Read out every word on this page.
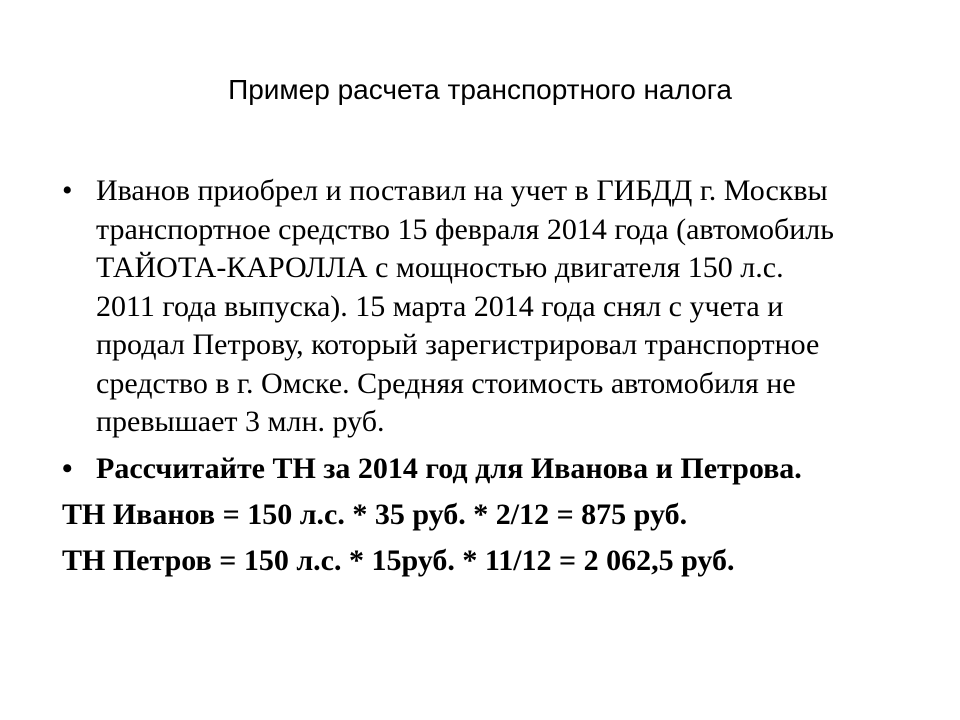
Пример расчета транспортного налога
• Иванов приобрел и поставил на учет в ГИБДД г. Москвы
транспортное средство 15 февраля 2014 года (автомобиль
ТАЙОТА-КАРОЛЛА с мощностью двигателя 150 л.с.
2011 года выпуска). 15 марта 2014 года снял с учета и
продал Петрову, который зарегистрировал транспортное
средство в г. Омске. Средняя стоимость автомобиля не
превышает 3 млн. руб.
• Рассчитайте ТН за 2014 год для Иванова и Петрова.
ТН Иванов = 150 л.с. * 35 руб. * 2/12 = 875 руб.
ТН Петров = 150 л.с. * 15руб. * 11/12 = 2 062,5 руб.
